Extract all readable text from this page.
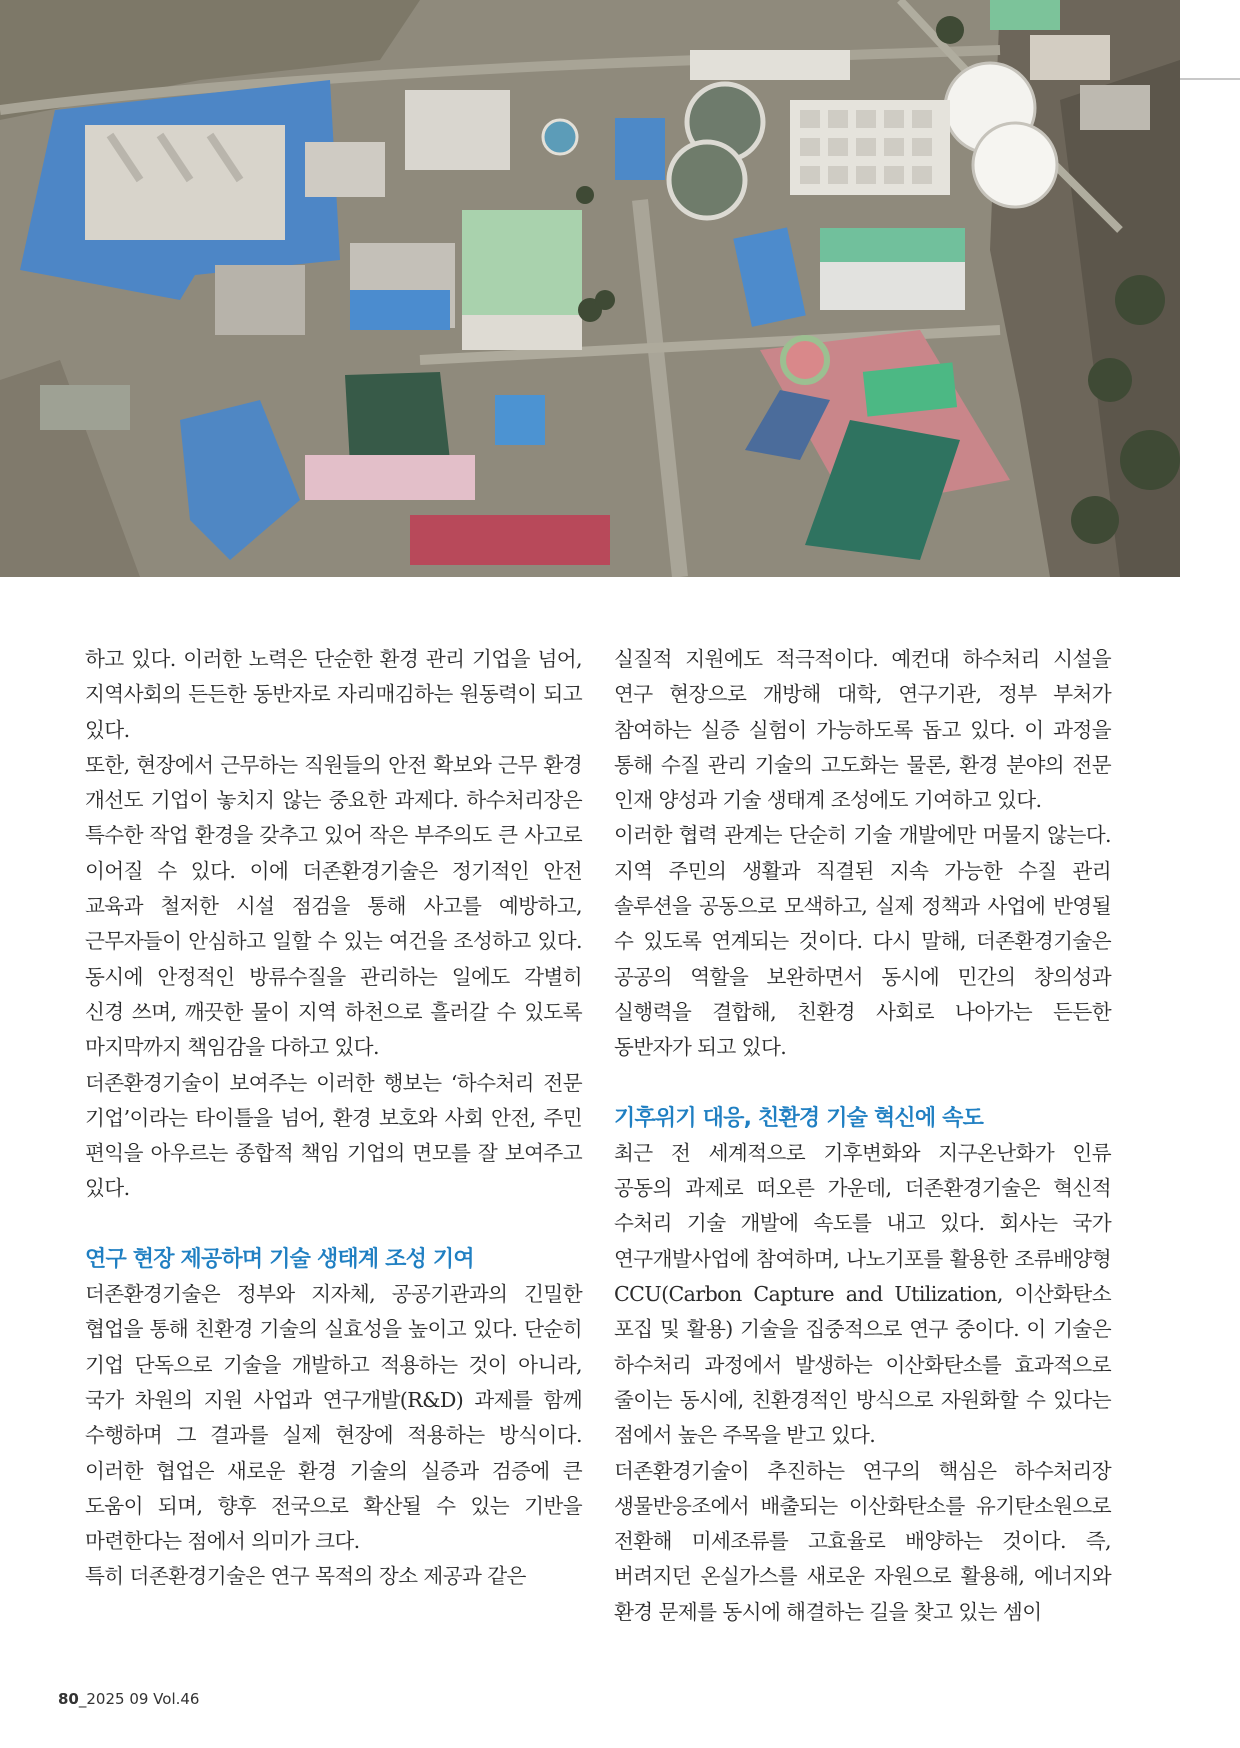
하고 있다. 이러한 노력은 단순한 환경 관리 기업을 넘어, 지역사회의 든든한 동반자로 자리매김하는 원동력이 되고 있다.

또한, 현장에서 근무하는 직원들의 안전 확보와 근무 환경 개선도 기업이 놓치지 않는 중요한 과제다. 하수처리장은 특수한 작업 환경을 갖추고 있어 작은 부주의도 큰 사고로 이어질 수 있다. 이에 더존환경기술은 정기적인 안전 교육과 철저한 시설 점검을 통해 사고를 예방하고, 근무자들이 안심하고 일할 수 있는 여건을 조성하고 있다. 동시에 안정적인 방류수질을 관리하는 일에도 각별히 신경 쓰며, 깨끗한 물이 지역 하천으로 흘러갈 수 있도록 마지막까지 책임감을 다하고 있다.

더존환경기술이 보여주는 이러한 행보는 ‘하수처리 전문 기업’이라는 타이틀을 넘어, 환경 보호와 사회 안전, 주민 편익을 아우르는 종합적 책임 기업의 면모를 잘 보여주고 있다.

연구 현장 제공하며 기술 생태계 조성 기여

더존환경기술은 정부와 지자체, 공공기관과의 긴밀한 협업을 통해 친환경 기술의 실효성을 높이고 있다. 단순히 기업 단독으로 기술을 개발하고 적용하는 것이 아니라, 국가 차원의 지원 사업과 연구개발(R&D) 과제를 함께 수행하며 그 결과를 실제 현장에 적용하는 방식이다. 이러한 협업은 새로운 환경 기술의 실증과 검증에 큰 도움이 되며, 향후 전국으로 확산될 수 있는 기반을 마련한다는 점에서 의미가 크다.

특히 더존환경기술은 연구 목적의 장소 제공과 같은

실질적 지원에도 적극적이다. 예컨대 하수처리 시설을 연구 현장으로 개방해 대학, 연구기관, 정부 부처가 참여하는 실증 실험이 가능하도록 돕고 있다. 이 과정을 통해 수질 관리 기술의 고도화는 물론, 환경 분야의 전문 인재 양성과 기술 생태계 조성에도 기여하고 있다.

이러한 협력 관계는 단순히 기술 개발에만 머물지 않는다. 지역 주민의 생활과 직결된 지속 가능한 수질 관리 솔루션을 공동으로 모색하고, 실제 정책과 사업에 반영될 수 있도록 연계되는 것이다. 다시 말해, 더존환경기술은 공공의 역할을 보완하면서 동시에 민간의 창의성과 실행력을 결합해, 친환경 사회로 나아가는 든든한 동반자가 되고 있다.

기후위기 대응, 친환경 기술 혁신에 속도

최근 전 세계적으로 기후변화와 지구온난화가 인류 공동의 과제로 떠오른 가운데, 더존환경기술은 혁신적 수처리 기술 개발에 속도를 내고 있다. 회사는 국가 연구개발사업에 참여하며, 나노기포를 활용한 조류배양형 CCU(Carbon Capture and Utilization, 이산화탄소 포집 및 활용) 기술을 집중적으로 연구 중이다. 이 기술은 하수처리 과정에서 발생하는 이산화탄소를 효과적으로 줄이는 동시에, 친환경적인 방식으로 자원화할 수 있다는 점에서 높은 주목을 받고 있다.

더존환경기술이 추진하는 연구의 핵심은 하수처리장 생물반응조에서 배출되는 이산화탄소를 유기탄소원으로 전환해 미세조류를 고효율로 배양하는 것이다. 즉, 버려지던 온실가스를 새로운 자원으로 활용해, 에너지와 환경 문제를 동시에 해결하는 길을 찾고 있는 셈이

80_2025 09 Vol.46
